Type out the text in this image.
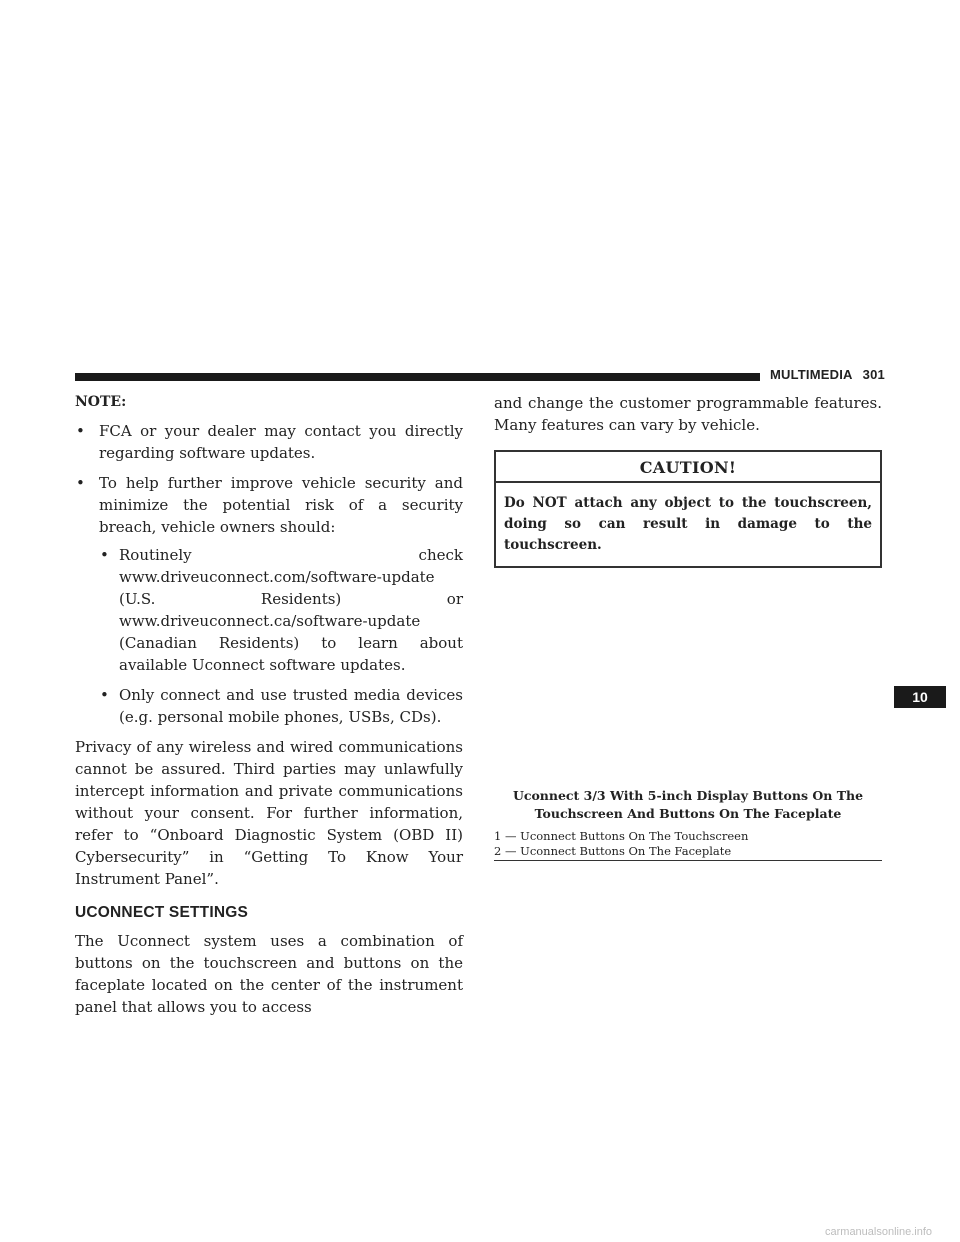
MULTIMEDIA 301

NOTE:

• FCA or your dealer may contact you directly regarding software updates.
• To help further improve vehicle security and minimize the potential risk of a security breach, vehicle owners should:
• Routinely check www.driveuconnect.com/software-update (U.S. Residents) or www.driveuconnect.ca/software-update (Canadian Residents) to learn about available Uconnect software updates.
• Only connect and use trusted media devices (e.g. personal mobile phones, USBs, CDs).

Privacy of any wireless and wired communications cannot be assured. Third parties may unlawfully intercept information and private communications without your consent. For further information, refer to “Onboard Diagnostic System (OBD II) Cybersecurity” in “Getting To Know Your Instrument Panel”.

UCONNECT SETTINGS

The Uconnect system uses a combination of buttons on the touchscreen and buttons on the faceplate located on the center of the instrument panel that allows you to access

and change the customer programmable features. Many features can vary by vehicle.

CAUTION!
Do NOT attach any object to the touchscreen, doing so can result in damage to the touchscreen.
Uconnect 3/3 With 5-inch Display Buttons On The Touchscreen And Buttons On The Faceplate
1 — Uconnect Buttons On The Touchscreen
2 — Uconnect Buttons On The Faceplate
10
carmanualsonline.info
